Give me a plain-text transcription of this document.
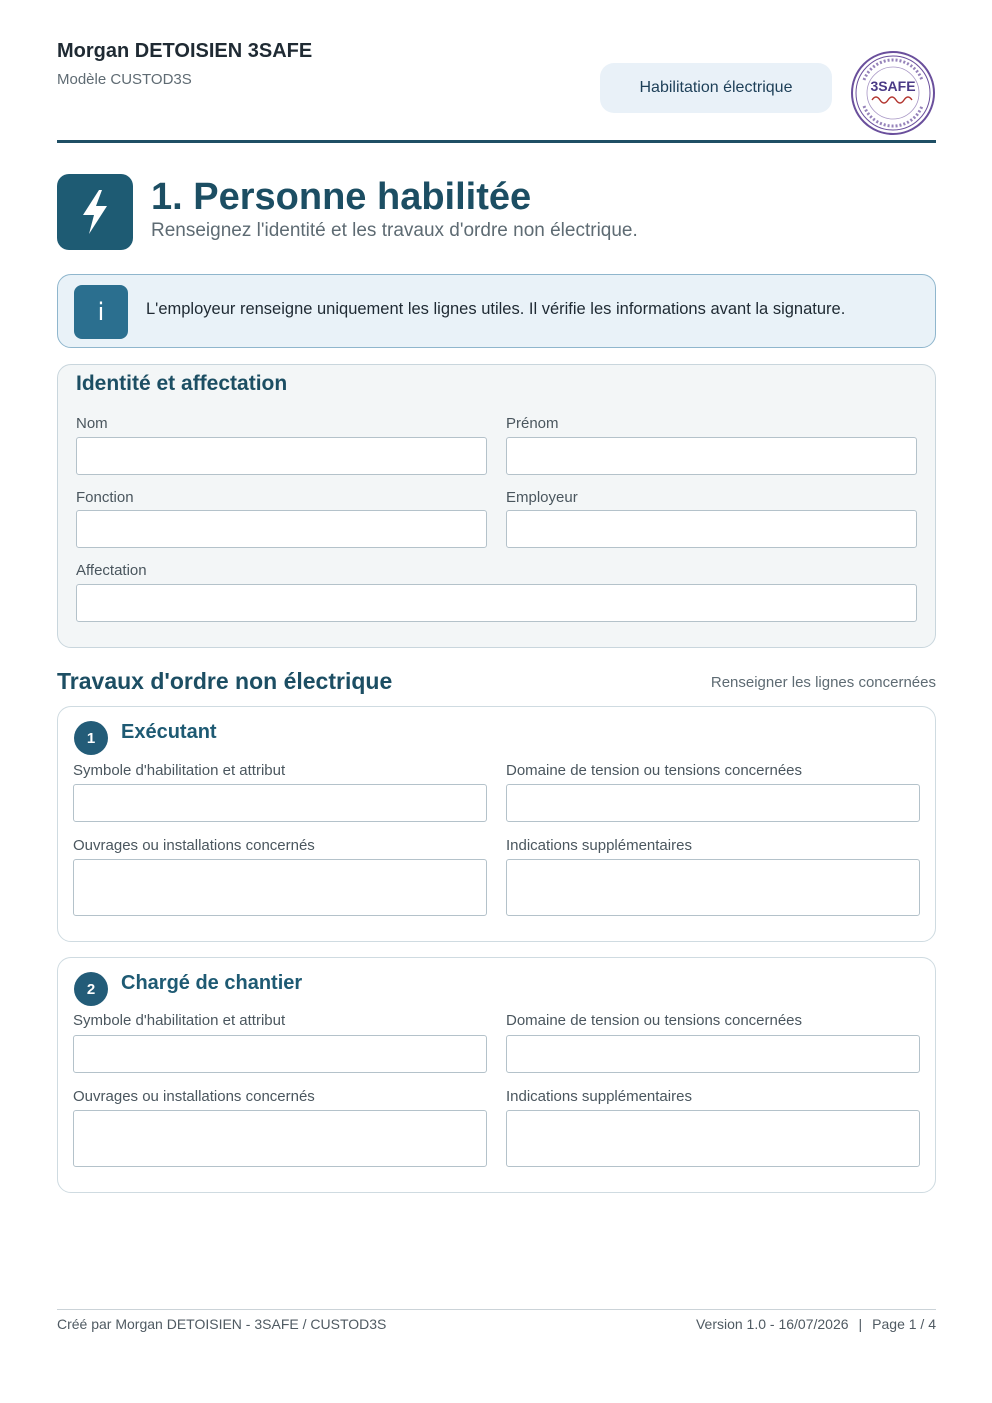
Morgan DETOISIEN 3SAFE
Modèle CUSTOD3S	Habilitation électrique	3SAFE
1. Personne habilitée

Renseignez l'identité et les travaux d'ordre non électrique.

i	L'employeur renseigne uniquement les lignes utiles. Il vérifie les informations avant la signature.
Identité et affectation
Nom	Prénom
Fonction	Employeur
Affectation
Travaux d'ordre non électrique	Renseigner les lignes concernées
1	Exécutant
Symbole d'habilitation et attribut	Domaine de tension ou tensions concernées
Ouvrages ou installations concernés	Indications supplémentaires
2	Chargé de chantier
Symbole d'habilitation et attribut	Domaine de tension ou tensions concernées
Ouvrages ou installations concernés	Indications supplémentaires
Créé par Morgan DETOISIEN - 3SAFE / CUSTOD3S	Version 1.0 - 16/07/2026 | Page 1 / 4
